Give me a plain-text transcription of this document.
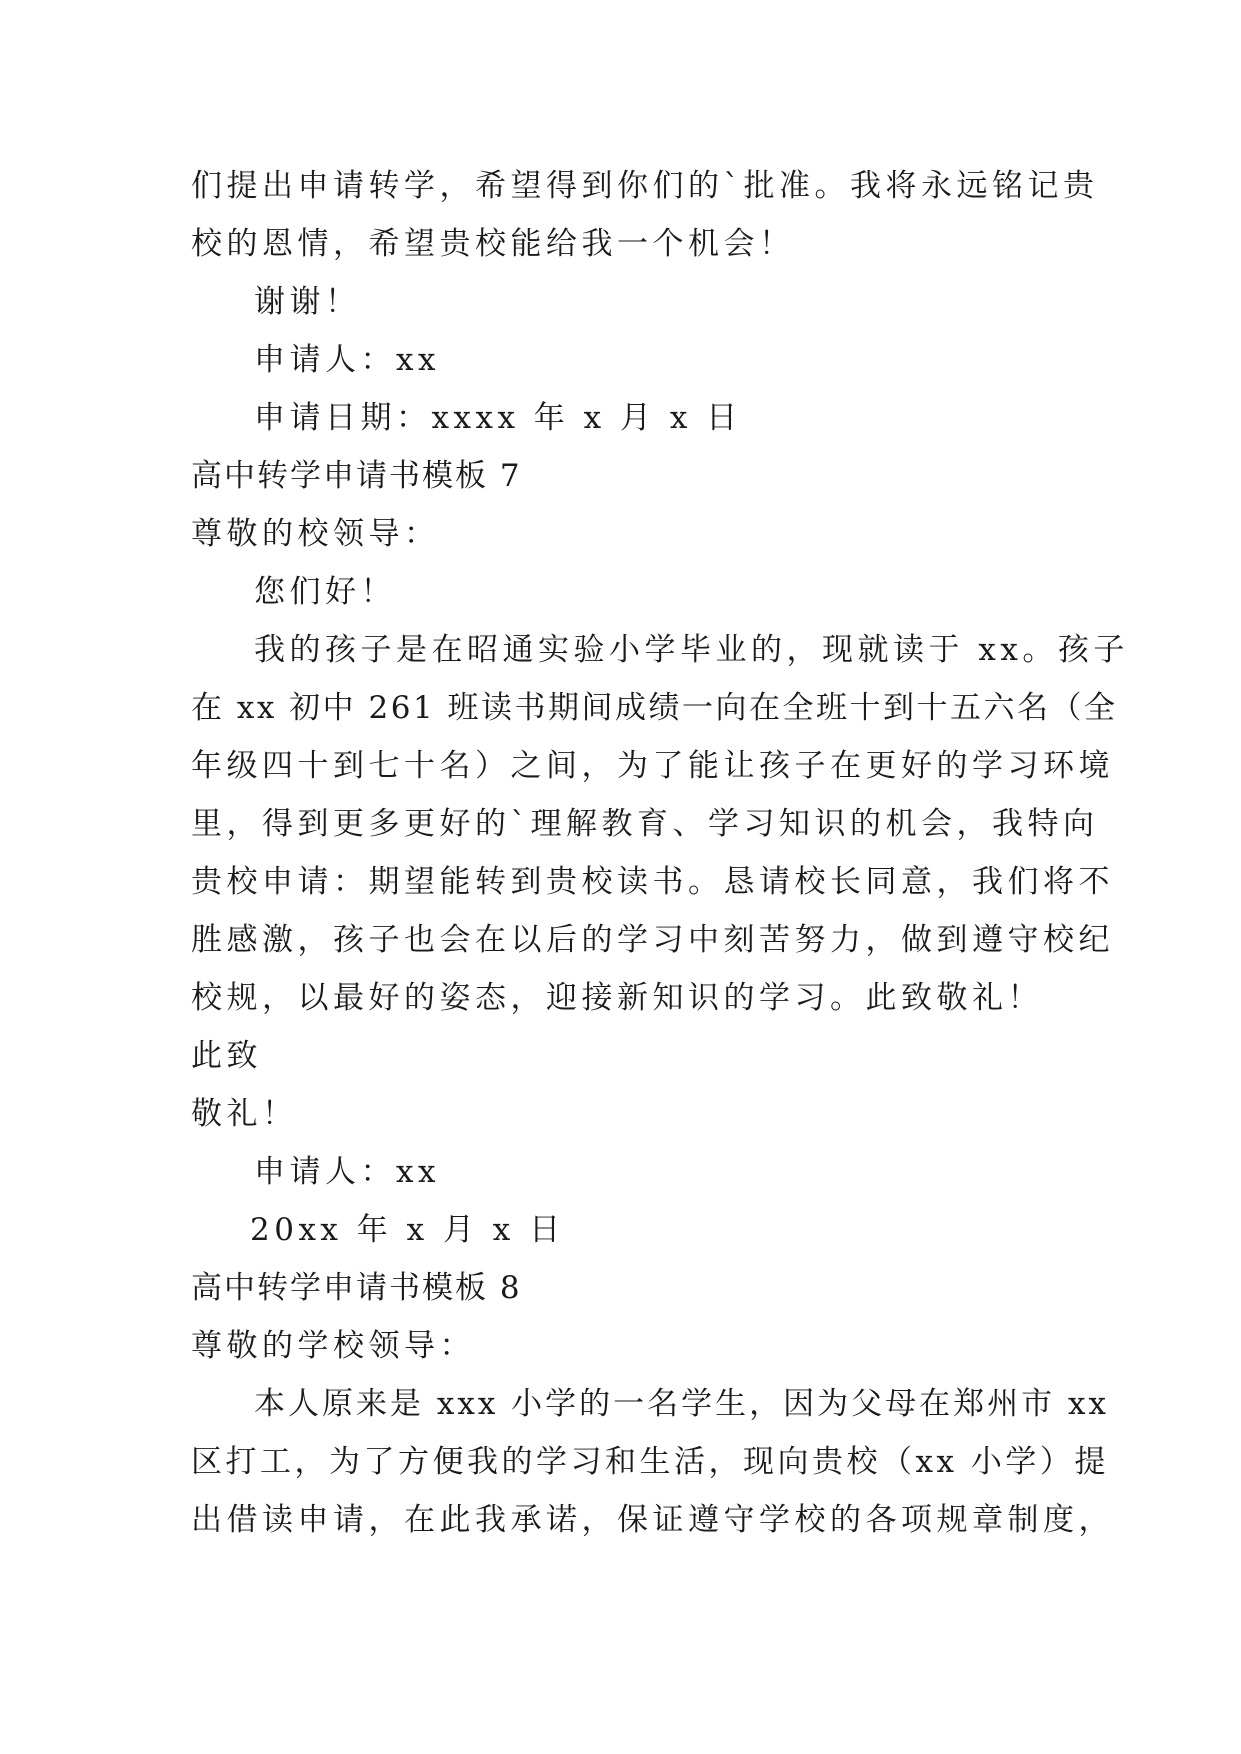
们提出申请转学，希望得到你们的`批准。我将永远铭记贵
校的恩情，希望贵校能给我一个机会！
谢谢！
申请人：xx
申请日期：xxxx 年 x 月 x 日
高中转学申请书模板 7
尊敬的校领导：
您们好！
我的孩子是在昭通实验小学毕业的，现就读于 xx。孩子
在 xx 初中 261 班读书期间成绩一向在全班十到十五六名（全
年级四十到七十名）之间，为了能让孩子在更好的学习环境
里，得到更多更好的`理解教育、学习知识的机会，我特向
贵校申请：期望能转到贵校读书。恳请校长同意，我们将不
胜感激，孩子也会在以后的学习中刻苦努力，做到遵守校纪
校规，以最好的姿态，迎接新知识的学习。此致敬礼！
此致
敬礼！
申请人：xx
20xx 年 x 月 x 日
高中转学申请书模板 8
尊敬的学校领导：
本人原来是 xxx 小学的一名学生，因为父母在郑州市 xx
区打工，为了方便我的学习和生活，现向贵校（xx 小学）提
出借读申请，在此我承诺，保证遵守学校的各项规章制度，
